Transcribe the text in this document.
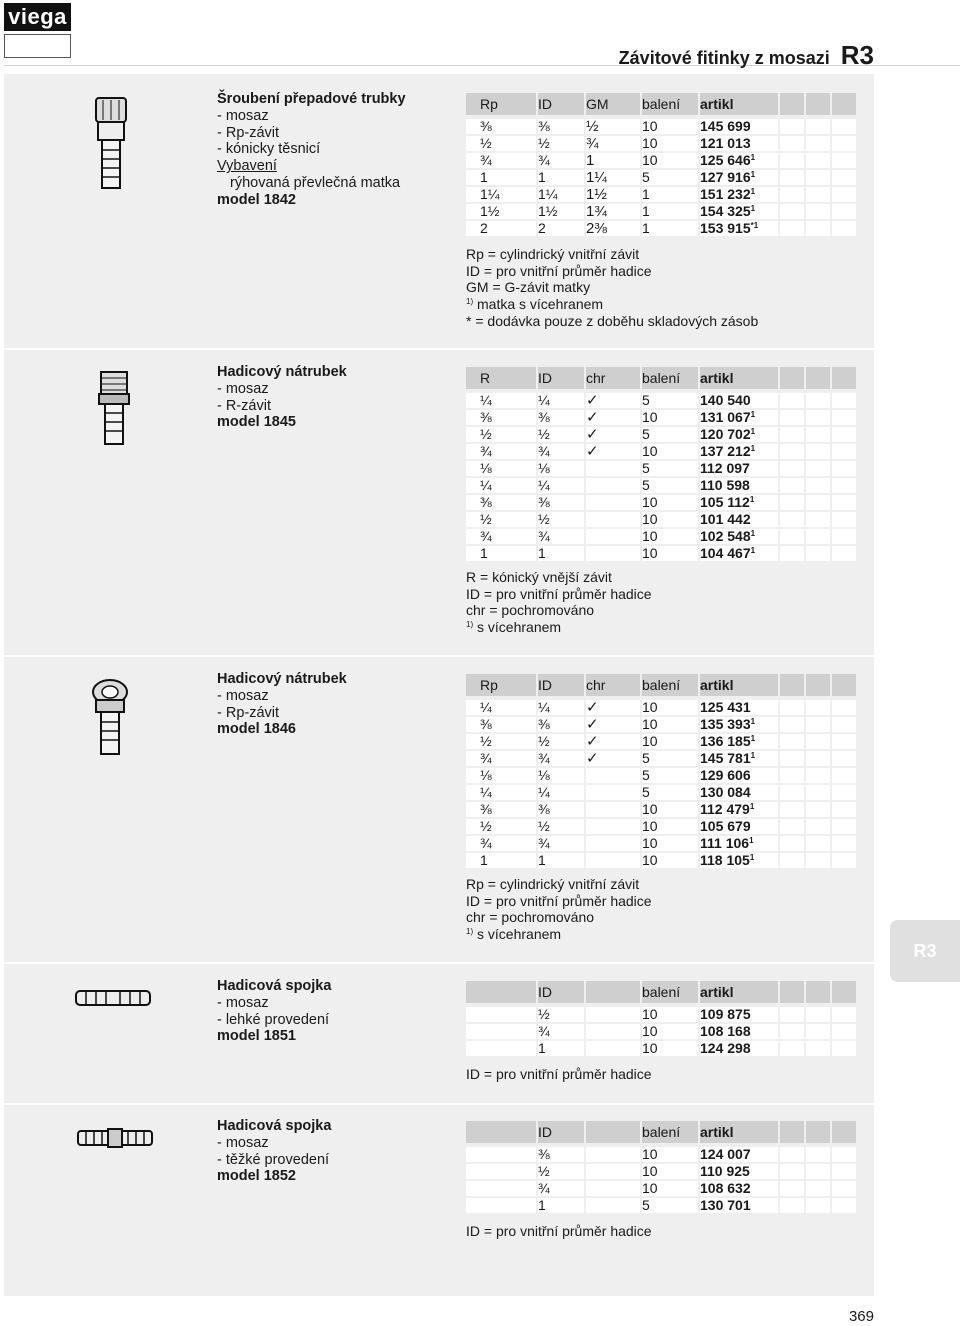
viega
Závitové fitinky z mosazi R3
R3
369
Šroubení přepadové trubky
- mosaz
- Rp-závit
- kónicky těsnicí
Vybavení
rýhovaná převlečná matka
model 1842
Rp	ID	GM	balení	artikl			

⅜	⅜	½	10	145 699			
½	½	¾	10	121 013			
¾	¾	1	10	125 $646^1$			
1	1	1¼	5	127 $916^1$			
1¼	1¼	1½	1	151 $232^1$			
1½	1½	1¾	1	154 $325^1$			
2	2	2⅜	1	153 915$^{*1}$			
Rp = cylindrický vnitřní závit
ID = pro vnitřní průměr hadice
GM = G-závit matky
$^{1)}$ matka s vícehranem
* = dodávka pouze z doběhu skladových zásob
Hadicový nátrubek
- mosaz
- R-závit
model 1845
R	ID	chr	balení	artikl			

¼	¼	✓	5	140 540			
⅜	⅜	✓	10	131 $067^1$			
½	½	✓	5	120 $702^1$			
¾	¾	✓	10	137 $212^1$			
⅛	⅛		5	112 097			
¼	¼		5	110 598			
⅜	⅜		10	105 $112^1$			
½	½		10	101 442			
¾	¾		10	102 $548^1$			
1	1		10	104 $467^1$			
R = kónický vnější závit
ID = pro vnitřní průměr hadice
chr = pochromováno
$^{1)}$ s vícehranem
Hadicový nátrubek
- mosaz
- Rp-závit
model 1846
Rp	ID	chr	balení	artikl			

¼	¼	✓	10	125 431			
⅜	⅜	✓	10	135 $393^1$			
½	½	✓	10	136 $185^1$			
¾	¾	✓	5	145 $781^1$			
⅛	⅛		5	129 606			
¼	¼		5	130 084			
⅜	⅜		10	112 $479^1$			
½	½		10	105 679			
¾	¾		10	111 $106^1$			
1	1		10	118 $105^1$			
Rp = cylindrický vnitřní závit
ID = pro vnitřní průměr hadice
chr = pochromováno
$^{1)}$ s vícehranem
Hadicová spojka
- mosaz
- lehké provedení
model 1851
	ID		balení	artikl			

	½		10	109 875			
	¾		10	108 168			
	1		10	124 298			
ID = pro vnitřní průměr hadice
Hadicová spojka
- mosaz
- těžké provedení
model 1852
	ID		balení	artikl			

	⅜		10	124 007			
	½		10	110 925			
	¾		10	108 632			
	1		5	130 701			
ID = pro vnitřní průměr hadice
